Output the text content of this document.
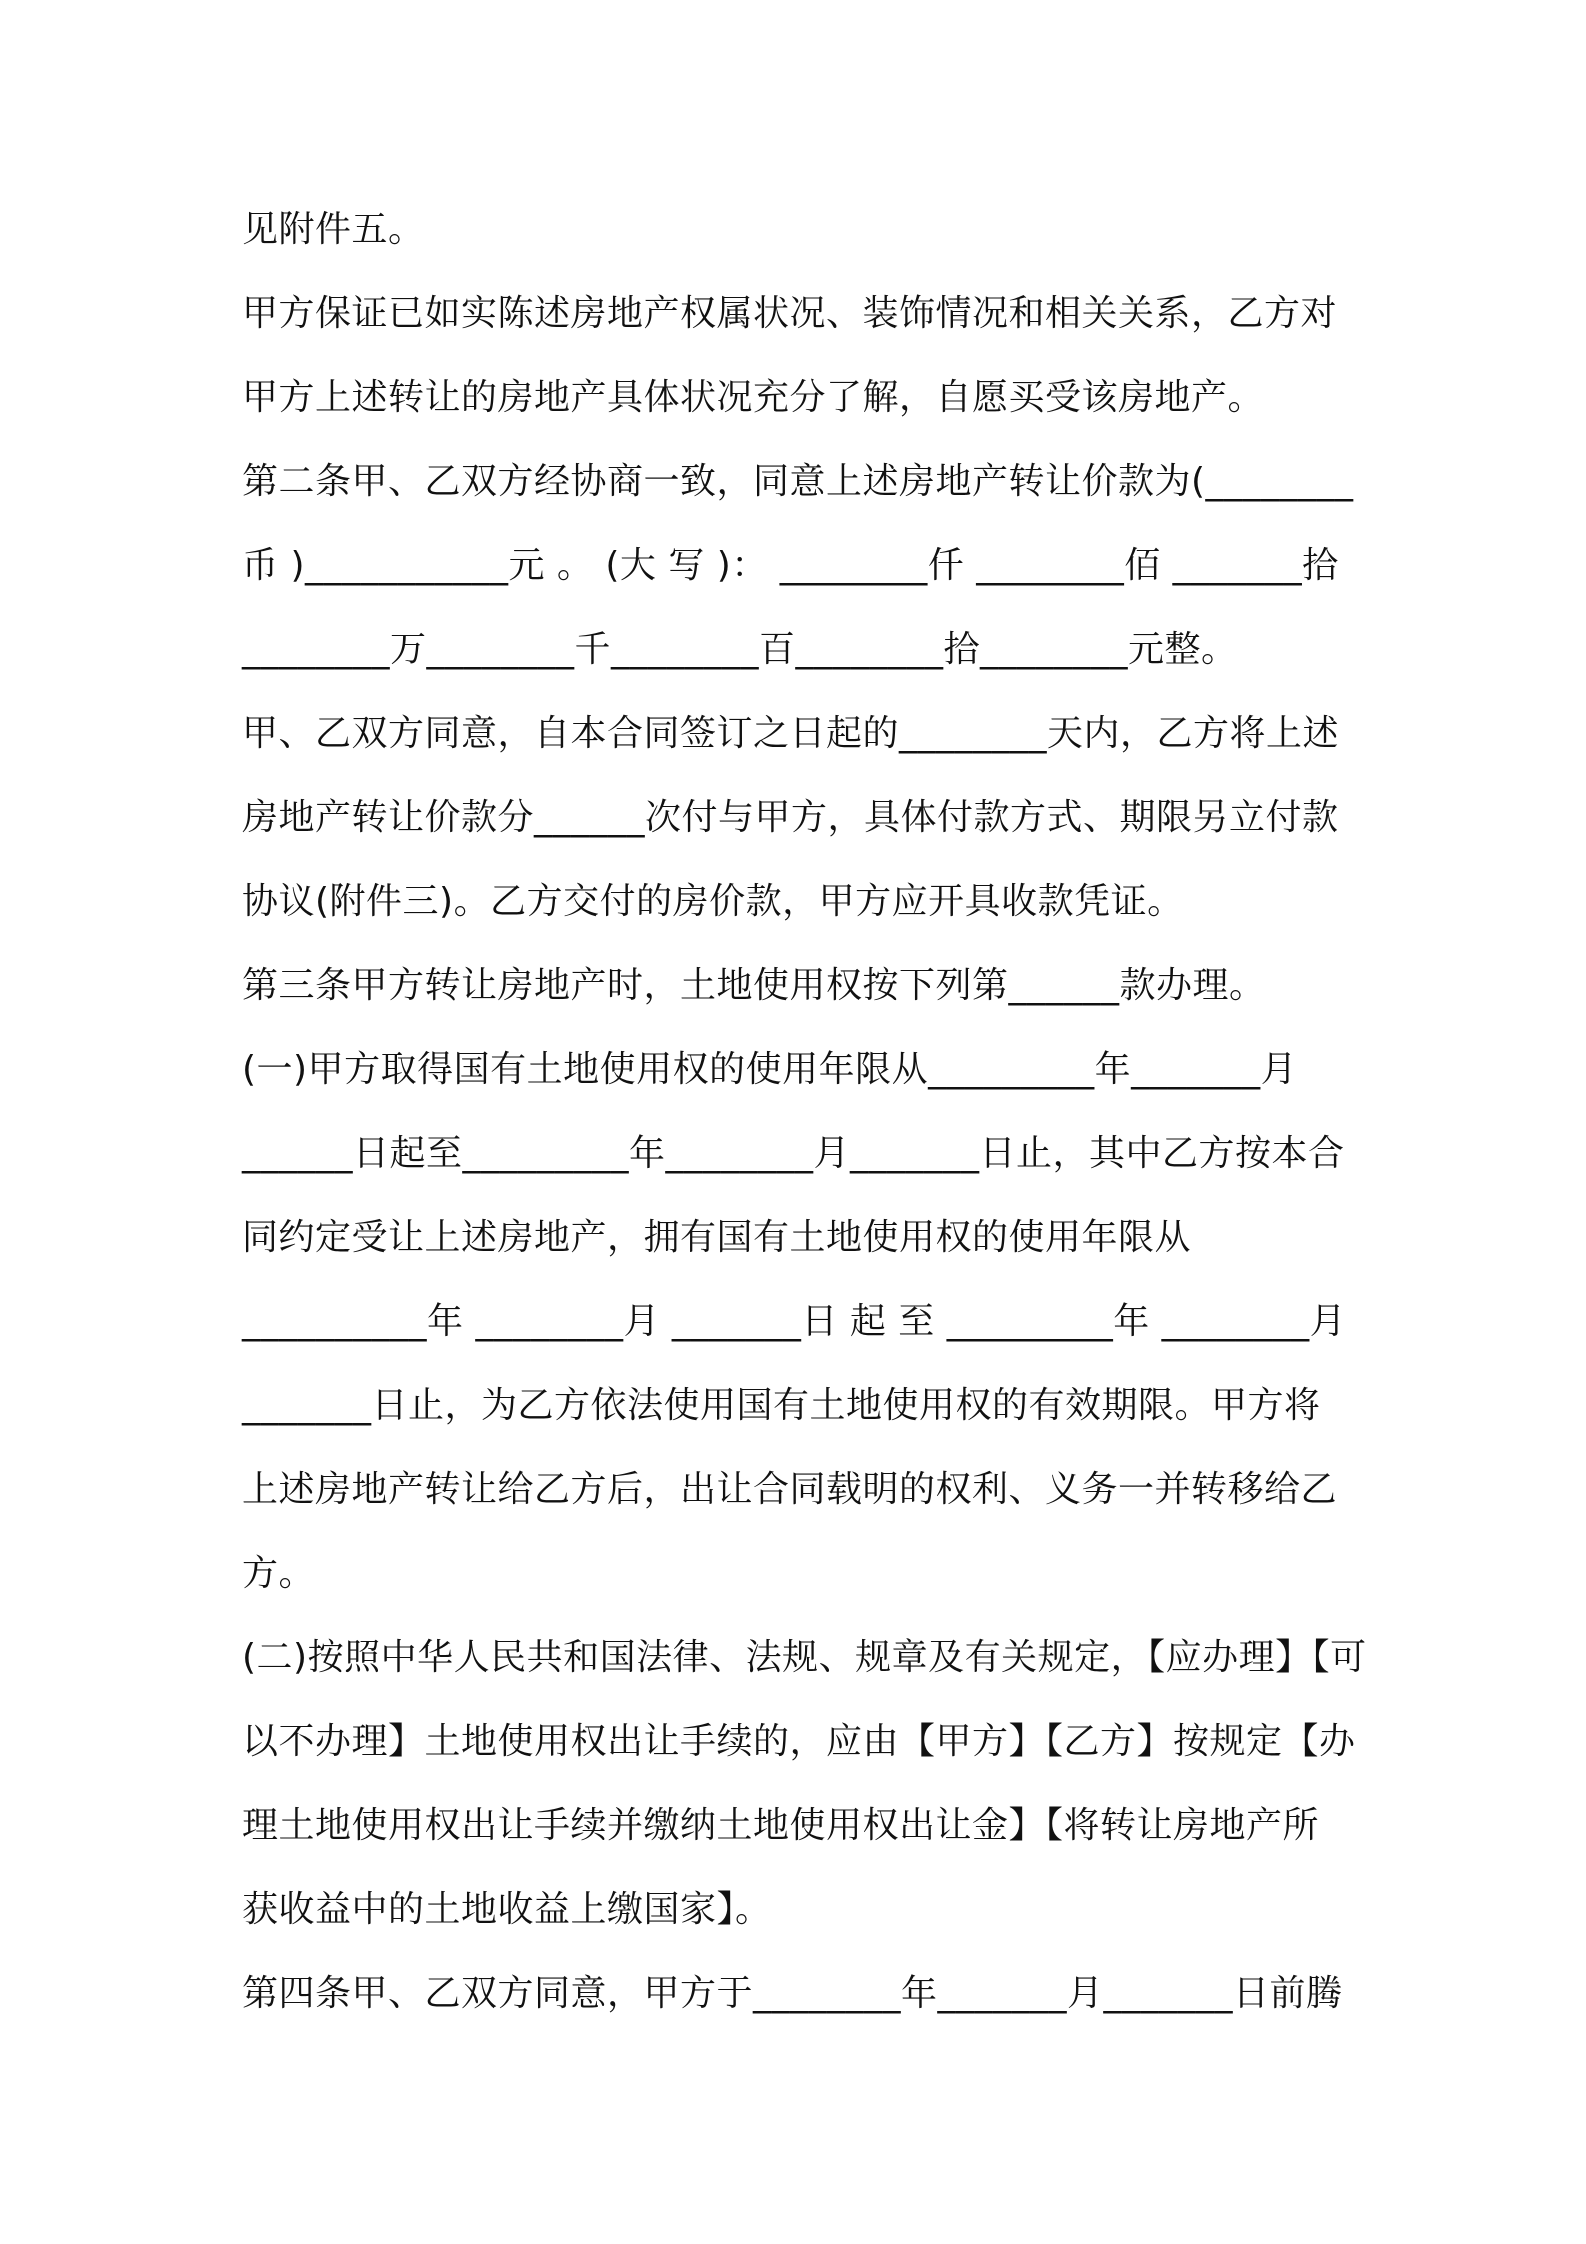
见附件五。
甲方保证已如实陈述房地产权属状况、装饰情况和相关关系，乙方对
甲方上述转让的房地产具体状况充分了解，自愿买受该房地产。
第二条甲、乙双方经协商一致，同意上述房地产转让价款为(________
币 )___________元 。 (大 写 )： ________仟 ________佰 _______拾
________万________千________百________拾________元整。
甲、乙双方同意，自本合同签订之日起的________天内，乙方将上述
房地产转让价款分______次付与甲方，具体付款方式、期限另立付款
协议(附件三)。乙方交付的房价款，甲方应开具收款凭证。
第三条甲方转让房地产时，土地使用权按下列第______款办理。
(一)甲方取得国有土地使用权的使用年限从_________年_______月
______日起至_________年________月_______日止，其中乙方按本合
同约定受让上述房地产，拥有国有土地使用权的使用年限从
__________年 ________月 _______日 起 至 _________年 ________月
_______日止，为乙方依法使用国有土地使用权的有效期限。甲方将
上述房地产转让给乙方后，出让合同载明的权利、义务一并转移给乙
方。
(二)按照中华人民共和国法律、法规、规章及有关规定，【应办理】【可
以不办理】土地使用权出让手续的，应由【甲方】【乙方】按规定【办
理土地使用权出让手续并缴纳土地使用权出让金】【将转让房地产所
获收益中的土地收益上缴国家】。
第四条甲、乙双方同意，甲方于________年_______月_______日前腾
